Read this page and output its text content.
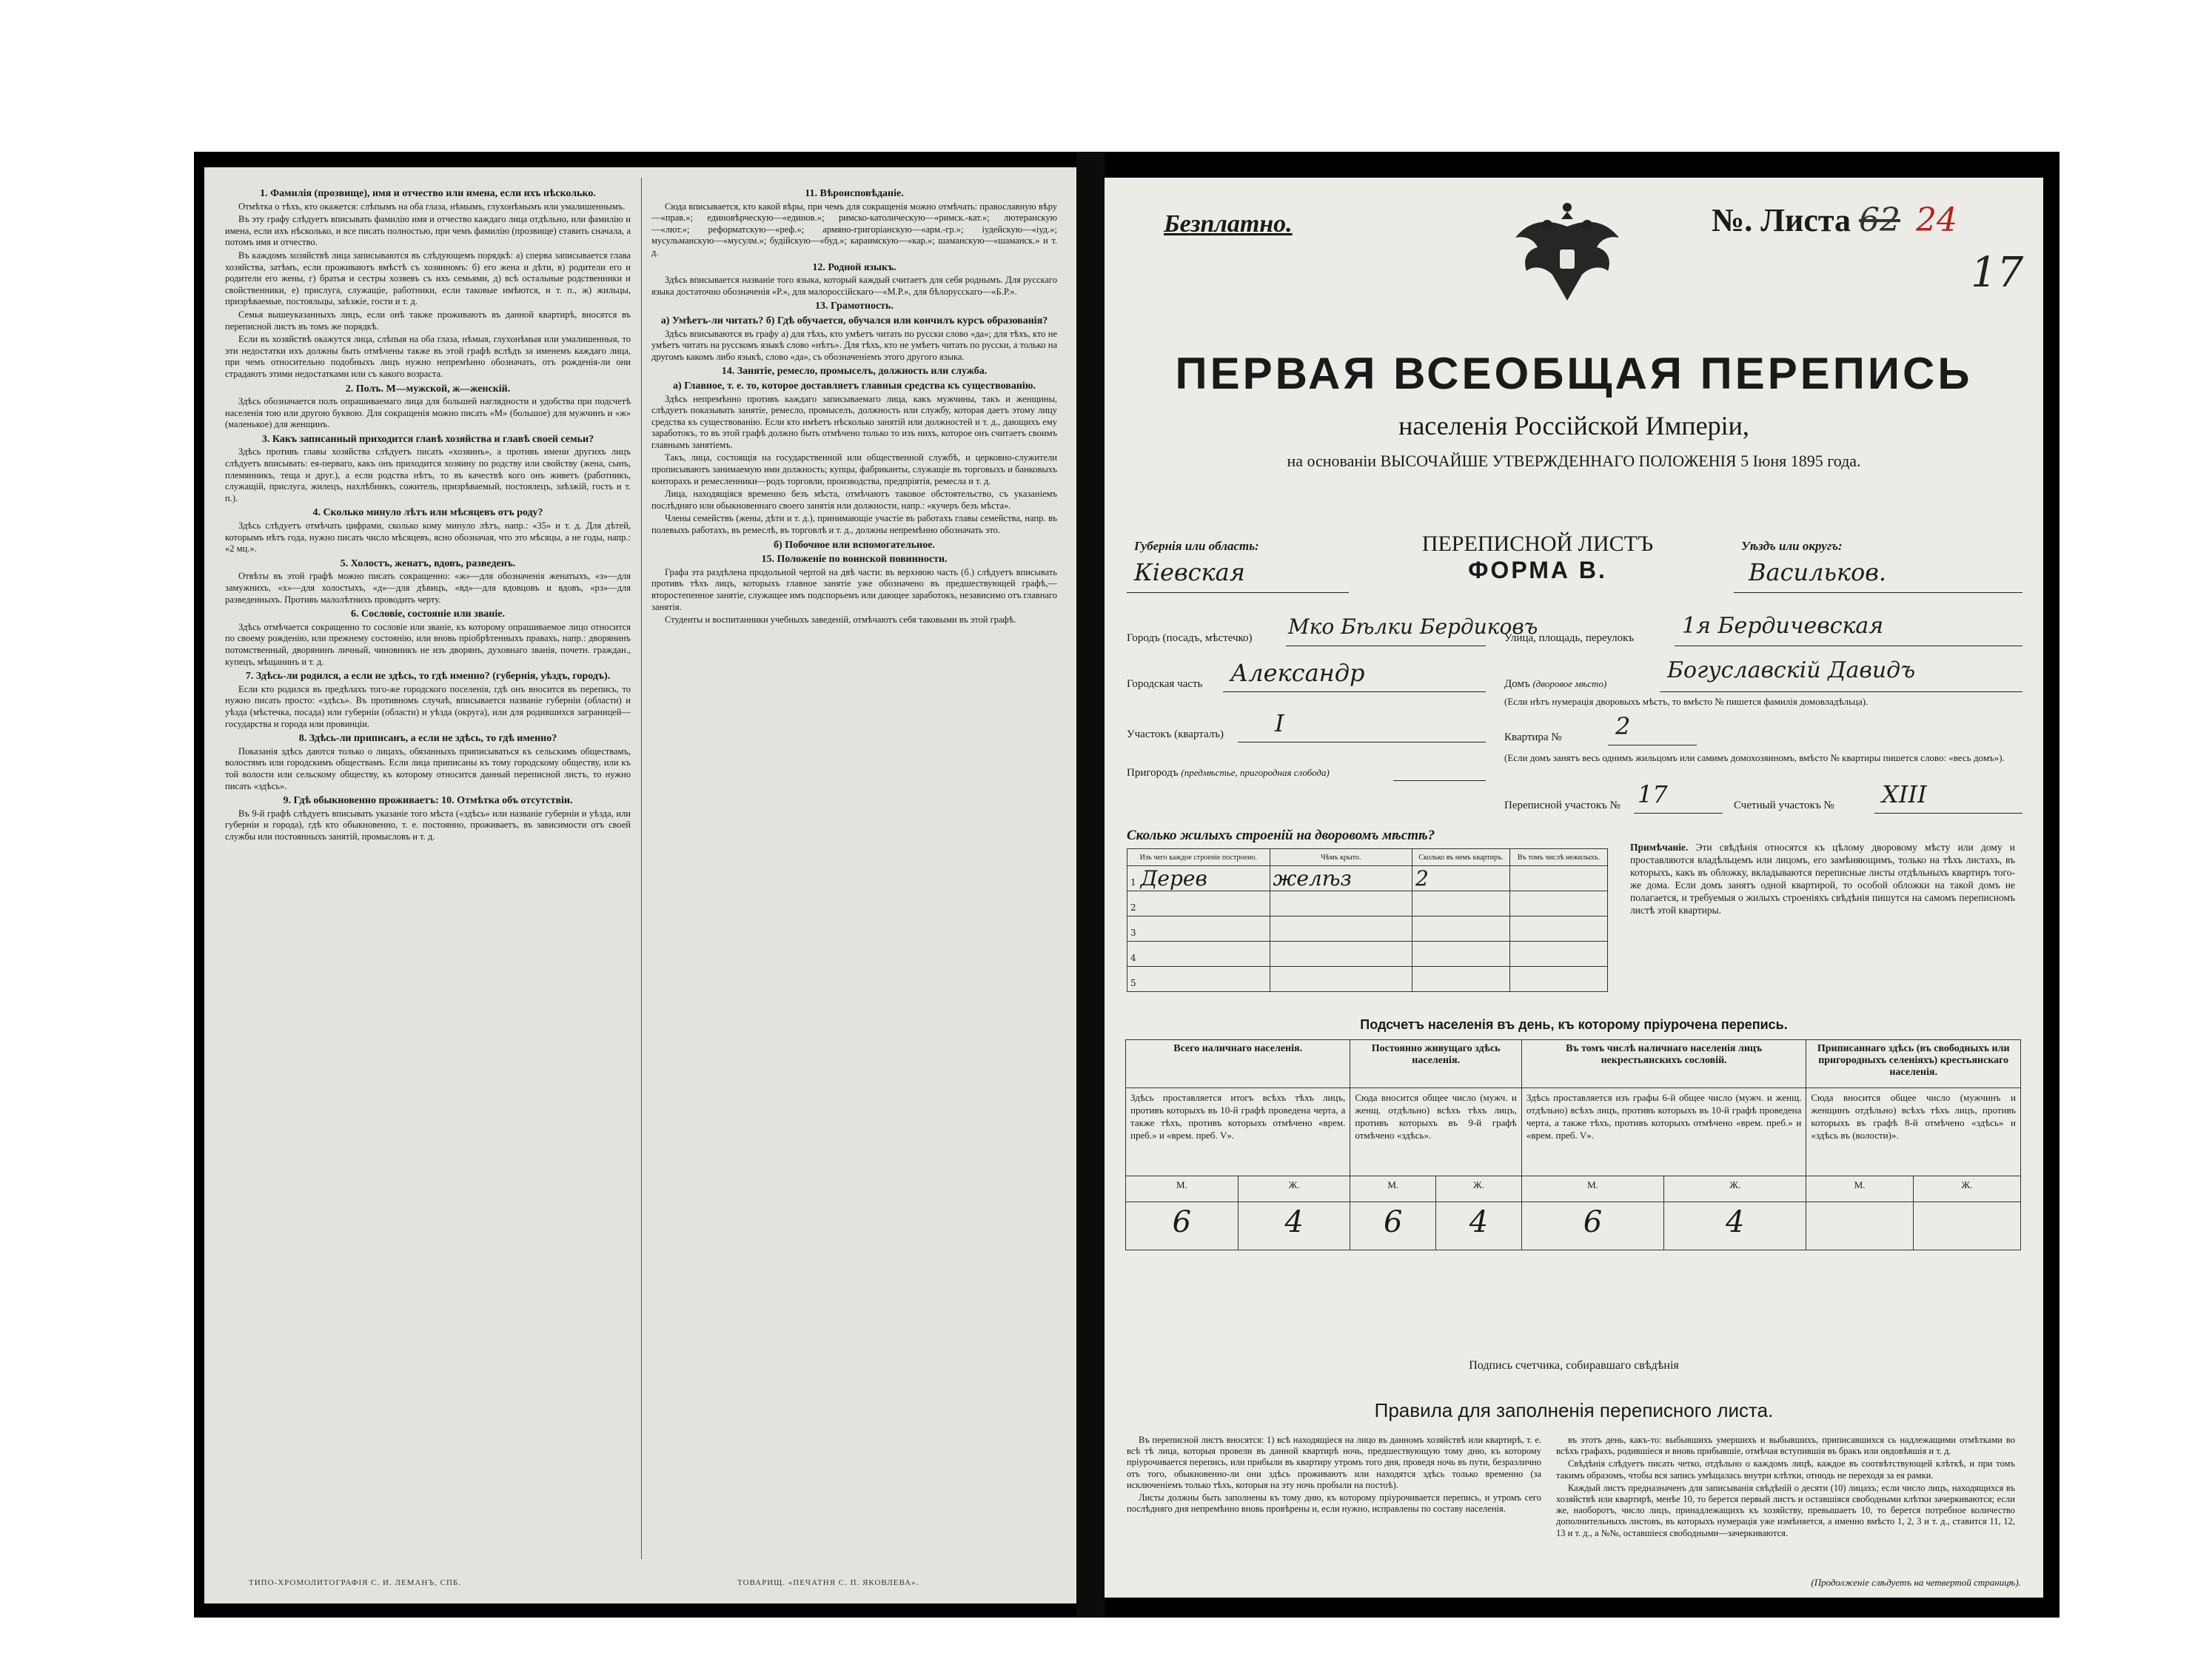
1. Фамилія (прозвище), имя и отчество или имена, если ихъ нѣсколько.

Отмѣтка о тѣхъ, кто окажется: слѣпымъ на оба глаза, нѣмымъ, глухонѣмымъ или умалишеннымъ.

Въ эту графу слѣдуетъ вписывать фамилію имя и отчество каждаго лица отдѣльно, или фамилію и имена, если ихъ нѣсколько, и все писать полностью, при чемъ фамилію (прозвище) ставить сначала, а потомъ имя и отчество.

Въ каждомъ хозяйствѣ лица записываются въ слѣдующемъ порядкѣ: а) сперва записывается глава хозяйства, затѣмъ, если проживаютъ вмѣстѣ съ хозяиномъ: б) его жена и дѣти, в) родители его и родители его жены, г) братья и сестры хозяевъ съ ихъ семьями, д) всѣ остальные родственники и свойственники, е) прислуга, служащіе, работники, если таковые имѣются, и т. п., ж) жильцы, призрѣваемые, постояльцы, заѣзжіе, гости и т. д.

Семья вышеуказанныхъ лицъ, если онѣ также проживаютъ въ данной квартирѣ, вносятся въ переписной листъ въ томъ же порядкѣ.

Если въ хозяйствѣ окажутся лица, слѣпыя на оба глаза, нѣмыя, глухонѣмыя или умалишенныя, то эти недостатки ихъ должны быть отмѣчены также въ этой графѣ вслѣдъ за именемъ каждаго лица, при чемъ относительно подобныхъ лицъ нужно непремѣнно обозначать, отъ рожденія-ли они страдаютъ этими недостатками или съ какого возраста.

2. Полъ. М—мужской, ж—женскій.

Здѣсь обозначается полъ опрашиваемаго лица для большей наглядности и удобства при подсчетѣ населенія тою или другою буквою. Для сокращенія можно писать «М» (большое) для мужчинъ и «ж» (маленькое) для женщинъ.

3. Какъ записанный приходится главѣ хозяйства и главѣ своей семьи?

Здѣсь противъ главы хозяйства слѣдуетъ писать «хозяинъ», а противъ имени другихъ лицъ слѣдуетъ вписывать: ея-перваго, какъ онъ приходится хозяину по родству или свойству (жена, сынъ, племянникъ, теща и друг.), а если родства нѣтъ, то въ качествѣ кого онъ живетъ (работникъ, служащій, прислуга, жилецъ, нахлѣбникъ, сожитель, призрѣваемый, постоялецъ, заѣзжій, гость и т. п.).

4. Сколько минуло лѣтъ или мѣсяцевъ отъ роду?

Здѣсь слѣдуетъ отмѣчать цифрами, сколько кому минуло лѣтъ, напр.: «35» и т. д. Для дѣтей, которымъ нѣтъ года, нужно писать число мѣсяцевъ, ясно обозначая, что это мѣсяцы, а не годы, напр.: «2 мц.».

5. Холостъ, женатъ, вдовъ, разведенъ.

Отвѣты въ этой графѣ можно писать сокращенно: «ж»—для обозначенія женатыхъ, «з»—для замужнихъ, «х»—для холостыхъ, «д»—для дѣвицъ, «вд»—для вдовцовъ и вдовъ, «рз»—для разведенныхъ. Противъ малолѣтнихъ проводить черту.

6. Сословіе, состояніе или званіе.

Здѣсь отмѣчается сокращенно то сословіе или званіе, къ которому опрашиваемое лицо относится по своему рожденію, или прежнему состоянію, или вновь пріобрѣтенныхъ правахъ, напр.: дворянинъ потомственный, дворянинъ личный, чиновникъ не изъ дворянъ, духовнаго званія, почетн. граждан., купецъ, мѣщанинъ и т. д.

7. Здѣсь-ли родился, а если не здѣсь, то гдѣ именно? (губернія, уѣздъ, городъ).

Если кто родился въ предѣлахъ того-же городского поселенія, гдѣ онъ вносится въ перепись, то нужно писать просто: «здѣсь». Въ противномъ случаѣ, вписывается названіе губерніи (области) и уѣзда (мѣстечка, посада) или губерніи (области) и уѣзда (округа), или для родившихся заграницей—государства и города или провинціи.

8. Здѣсь-ли приписанъ, а если не здѣсь, то гдѣ именно?

Показанія здѣсь даются только о лицахъ, обязанныхъ приписываться къ сельскимъ обществамъ, волостямъ или городскимъ обществамъ. Если лица приписаны къ тому городскому обществу, или къ той волости или сельскому обществу, къ которому относится данный переписной листъ, то нужно писать «здѣсь».

9. Гдѣ обыкновенно проживаетъ: 10. Отмѣтка объ отсутствіи.

Въ 9-й графѣ слѣдуетъ вписывать указаніе того мѣста («здѣсь» или названіе губерніи и уѣзда, или губерніи и города), гдѣ кто обыкновенно, т. е. постоянно, проживаетъ, въ зависимости отъ своей службы или постоянныхъ занятій, промысловъ и т. д.

11. Вѣроисповѣданіе.

Сюда вписывается, кто какой вѣры, при чемъ для сокращенія можно отмѣчать: православную вѣру—«прав.»; единовѣрческую—«единов.»; римско-католическую—«римск.-кат.»; лютеранскую—«лют.»; реформатскую—«реф.»; армяно-григоріанскую—«арм.-гр.»; іудейскую—«іуд.»; мусульманскую—«мусулм.»; будійскую—«буд.»; караимскую—«кар.»; шаманскую—«шаманск.» и т. д.

12. Родной языкъ.

Здѣсь вписывается названіе того языка, который каждый считаетъ для себя роднымъ. Для русскаго языка достаточно обозначенія «Р.», для малороссійскаго—«М.Р.», для бѣлорусскаго—«Б.Р.».

13. Грамотность.
а) Умѣетъ-ли читать? б) Гдѣ обучается, обучался или кончилъ курсъ образованія?

Здѣсь вписываются въ графу а) для тѣхъ, кто умѣетъ читать по русски слово «да»; для тѣхъ, кто не умѣетъ читать на русскомъ языкѣ слово «нѣтъ». Для тѣхъ, кто не умѣетъ читать по русски, а только на другомъ какомъ либо языкѣ, слово «да», съ обозначеніемъ этого другого языка.

14. Занятіе, ремесло, промыселъ, должность или служба.
а) Главное, т. е. то, которое доставляетъ главныя средства къ существованію.

Здѣсь непремѣнно противъ каждаго записываемаго лица, какъ мужчины, такъ и женщины, слѣдуетъ показывать занятіе, ремесло, промыселъ, должность или службу, которая даетъ этому лицу средства къ существованію. Если кто имѣетъ нѣсколько занятій или должностей и т. д., дающихъ ему заработокъ, то въ этой графѣ должно быть отмѣчено только то изъ нихъ, которое онъ считаетъ своимъ главнымъ занятіемъ.

Такъ, лица, состоящія на государственной или общественной службѣ, и церковно-служители прописываютъ занимаемую ими должность; купцы, фабриканты, служащіе въ торговыхъ и банковыхъ конторахъ и ремесленники—родъ торговли, производства, предпріятія, ремесла и т. д.

Лица, находящіяся временно безъ мѣста, отмѣчаютъ таковое обстоятельство, съ указаніемъ послѣдняго или обыкновеннаго своего занятія или должности, напр.: «кучеръ безъ мѣста».

Члены семействъ (жены, дѣти и т. д.), принимающіе участіе въ работахъ главы семейства, напр. въ полевыхъ работахъ, въ ремеслѣ, въ торговлѣ и т. д., должны непремѣнно обозначать это.

б) Побочное или вспомогательное.
15. Положеніе по воинской повинности.

Графа эта раздѣлена продольной чертой на двѣ части: въ верхнюю часть (б.) слѣдуетъ вписывать противъ тѣхъ лицъ, которыхъ главное занятіе уже обозначено въ предшествующей графѣ,—второстепенное занятіе, служащее имъ подспорьемъ или дающее заработокъ, независимо отъ главнаго занятія.

Студенты и воспитанники учебныхъ заведеній, отмѣчаютъ себя таковыми въ этой графѣ.

ТИПО-ХРОМОЛИТОГРАФІЯ С. И. ЛЕМАНЪ, СПБ.	ТОВАРИЩ. «ПЕЧАТНЯ С. П. ЯКОВЛЕВА».
Безплатно.	№. Листа 62 24
17
ПЕРВАЯ ВСЕОБЩАЯ ПЕРЕПИСЬ
населенія Россійской Имперіи,
на основаніи ВЫСОЧАЙШЕ УТВЕРЖДЕННАГО ПОЛОЖЕНІЯ 5 Іюня 1895 года.
Губернія или область:
Кіевская
ПЕРЕПИСНОЙ ЛИСТЪ
ФОРМА В.
Уѣздъ или округъ:
Васильков.
Городъ (посадъ, мѣстечко) Мко Бѣлки Бердиковъ
Улица, площадь, переулокъ 1я Бердичевская
Городская часть Александр	Домъ (дворовое мѣсто)
Богуславскій Давидъ
(Если нѣтъ нумерація дворовыхъ мѣстъ, то вмѣсто № пишется фамилія домовладѣльца).
Участокъ (кварталъ) I	Квартира № 2
Пригородъ (предмѣстье, пригородная слобода)
(Если домъ занятъ весь однимъ жильцомъ или самимъ домохозяиномъ, вмѣсто № квартиры пишется слово: «весь домъ»).
Переписной участокъ № 17	Счетный участокъ № XIII
Сколько жилыхъ строеній на дворовомъ мѣстѣ?
Изъ чего каждое строеніе построено.	Чѣмъ крыто.	Сколько въ немъ квартиръ.	Въ томъ числѣ нежилыхъ.
1 Дерев	желѣз	2	
2			
3			
4			
5			
Примѣчаніе. Эти свѣдѣнія относятся къ цѣлому дворовому мѣсту или дому и проставляются владѣльцемъ или лицомъ, его замѣняющимъ, только на тѣхъ листахъ, въ которыхъ, какъ въ обложку, вкладываются переписные листы отдѣльныхъ квартиръ того-же дома. Если домъ занятъ одной квартирой, то особой обложки на такой домъ не полагается, и требуемыя о жилыхъ строеніяхъ свѣдѣнія пишутся на самомъ переписномъ листѣ этой квартиры.
Подсчетъ населенія въ день, къ которому пріурочена перепись.
Всего наличнаго населенія.		Постоянно живущаго здѣсь населенія.		Въ томъ числѣ наличнаго населенія лицъ некрестьянскихъ сословій.		Приписаннаго здѣсь (въ свободныхъ или пригородныхъ селеніяхъ) крестьянскаго населенія.	
Здѣсь проставляется итогъ всѣхъ тѣхъ лицъ, противъ которыхъ въ 10-й графѣ проведена черта, а также тѣхъ, противъ которыхъ отмѣчено «врем. преб.» и «врем. преб. V».		Сюда вносится общее число (мужч. и женщ. отдѣльно) всѣхъ тѣхъ лицъ, противъ которыхъ въ 9-й графѣ отмѣчено «здѣсь».		Здѣсь проставляется изъ графы 6-й общее число (мужч. и женщ. отдѣльно) всѣхъ лицъ, противъ которыхъ въ 10-й графѣ проведена черта, а также тѣхъ, противъ которыхъ отмѣчено «врем. преб.» и «врем. преб. V».		Сюда вносится общее число (мужчинъ и женщинъ отдѣльно) всѣхъ тѣхъ лицъ, противъ которыхъ въ графѣ 8-й отмѣчено «здѣсь» и «здѣсь въ (волости)».	
М.	Ж.	М.	Ж.	М.	Ж.	М.	Ж.
6	4	6	4	6	4		
Подпись счетчика, собиравшаго свѣдѣнія
Правила для заполненія переписного листа.

Въ переписной листъ вносятся: 1) всѣ находящіеся на лицо въ данномъ хозяйствѣ или квартирѣ, т. е. всѣ тѣ лица, которыя провели въ данной квартирѣ ночь, предшествующую тому дню, къ которому пріурочивается перепись, или прибыли въ квартиру утромъ того дня, проведя ночь въ пути, безразлично отъ того, обыкновенно-ли они здѣсь проживаютъ или находятся здѣсь только временно (за исключеніемъ только тѣхъ, которыя на эту ночь пробыли на постоѣ).

Листы должны быть заполнены къ тому дню, къ которому пріурочивается перепись, и утромъ сего послѣдняго дня непремѣнно вновь провѣрены и, если нужно, исправлены по составу населенія.

въ этотъ день, какъ-то: выбывшихъ умершихъ и выбывшихъ, приписавшихся сь надлежащими отмѣтками во всѣхъ графахъ, родившіеся и вновь прибывшіе, отмѣчая вступившія въ бракъ или овдовѣвшія и т. д.

Свѣдѣнія слѣдуетъ писать четко, отдѣльно о каждомъ лицѣ, каждое въ соотвѣтствующей клѣткѣ, и при томъ такимъ образомъ, чтобы вся запись умѣщалась внутри клѣтки, отнюдь не переходя за ея рамки.

Каждый листъ предназначенъ для записыванія свѣдѣній о десяти (10) лицахъ; если число лицъ, находящихся въ хозяйствѣ или квартирѣ, менѣе 10, то берется первый листъ и оставшіяся свободными клѣтки зачеркиваются; если же, наоборотъ, число лицъ, принадлежащихъ къ хозяйству, превышаетъ 10, то берется потребное количество дополнительныхъ листовъ, въ которыхъ нумерація уже измѣняется, а именно вмѣсто 1, 2, 3 и т. д., ставится 11, 12, 13 и т. д., а №№, оставшіеся свободными—зачеркиваются.

(Продолженіе слѣдуетъ на четвертой страницѣ).
